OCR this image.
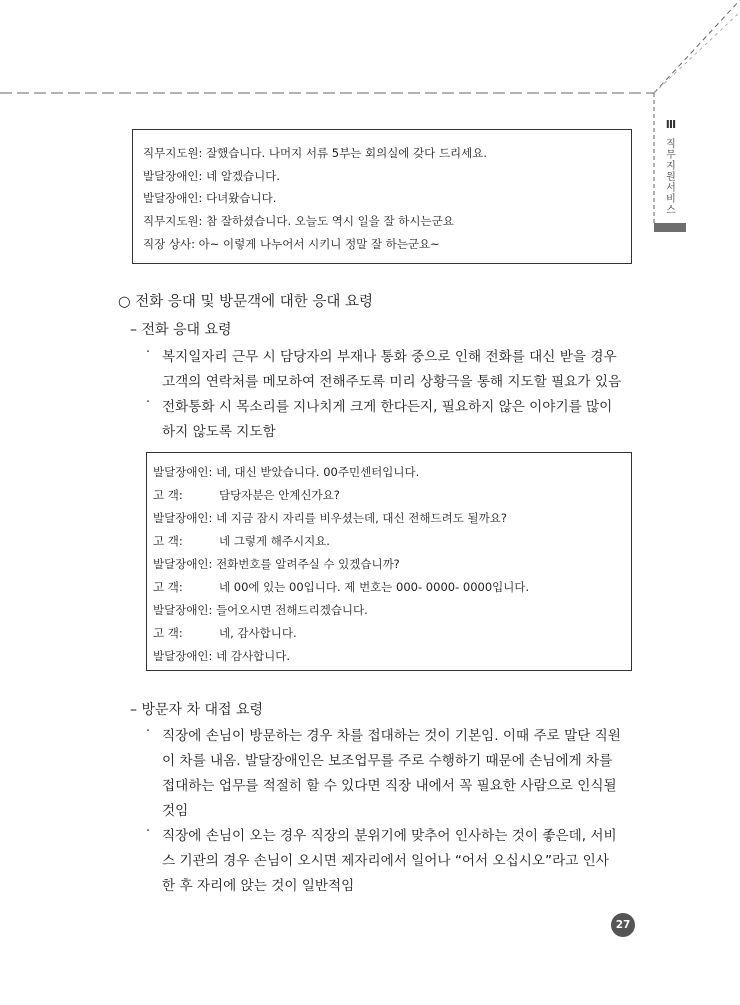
Ⅲ
직
무
지
원
서
비
스
직무지도원: 잘했습니다. 나머지 서류 5부는 회의실에 갖다 드리세요.
발달장애인: 네 알겠습니다.
발달장애인: 다녀왔습니다.
직무지도원: 참 잘하셨습니다. 오늘도 역시 일을 잘 하시는군요
직장 상사: 아~ 이렇게 나누어서 시키니 정말 잘 하는군요~
○ 전화 응대 및 방문객에 대한 응대 요령
– 전화 응대 요령
· 복지일자리 근무 시 담당자의 부재나 통화 중으로 인해 전화를 대신 받을 경우
고객의 연락처를 메모하여 전해주도록 미리 상황극을 통해 지도할 필요가 있음
· 전화통화 시 목소리를 지나치게 크게 한다든지, 필요하지 않은 이야기를 많이
하지 않도록 지도함
발달장애인: 네, 대신 받았습니다. 00주민센터입니다.
고 객:	담당자분은 안계신가요?
발달장애인: 네 지금 잠시 자리를 비우셨는데, 대신 전해드려도 될까요?
고 객:	네 그렇게 해주시지요.
발달장애인: 전화번호를 알려주실 수 있겠습니까?
고 객:	네 00에 있는 00입니다. 제 번호는 000- 0000- 0000입니다.
발달장애인: 들어오시면 전해드리겠습니다.
고 객:	네, 감사합니다.
발달장애인: 네 감사합니다.
– 방문자 차 대접 요령
· 직장에 손님이 방문하는 경우 차를 접대하는 것이 기본임. 이때 주로 말단 직원
이 차를 내옴. 발달장애인은 보조업무를 주로 수행하기 때문에 손님에게 차를
접대하는 업무를 적절히 할 수 있다면 직장 내에서 꼭 필요한 사람으로 인식될
것임
· 직장에 손님이 오는 경우 직장의 분위기에 맞추어 인사하는 것이 좋은데, 서비
스 기관의 경우 손님이 오시면 제자리에서 일어나 “어서 오십시오”라고 인사
한 후 자리에 앉는 것이 일반적임
27
